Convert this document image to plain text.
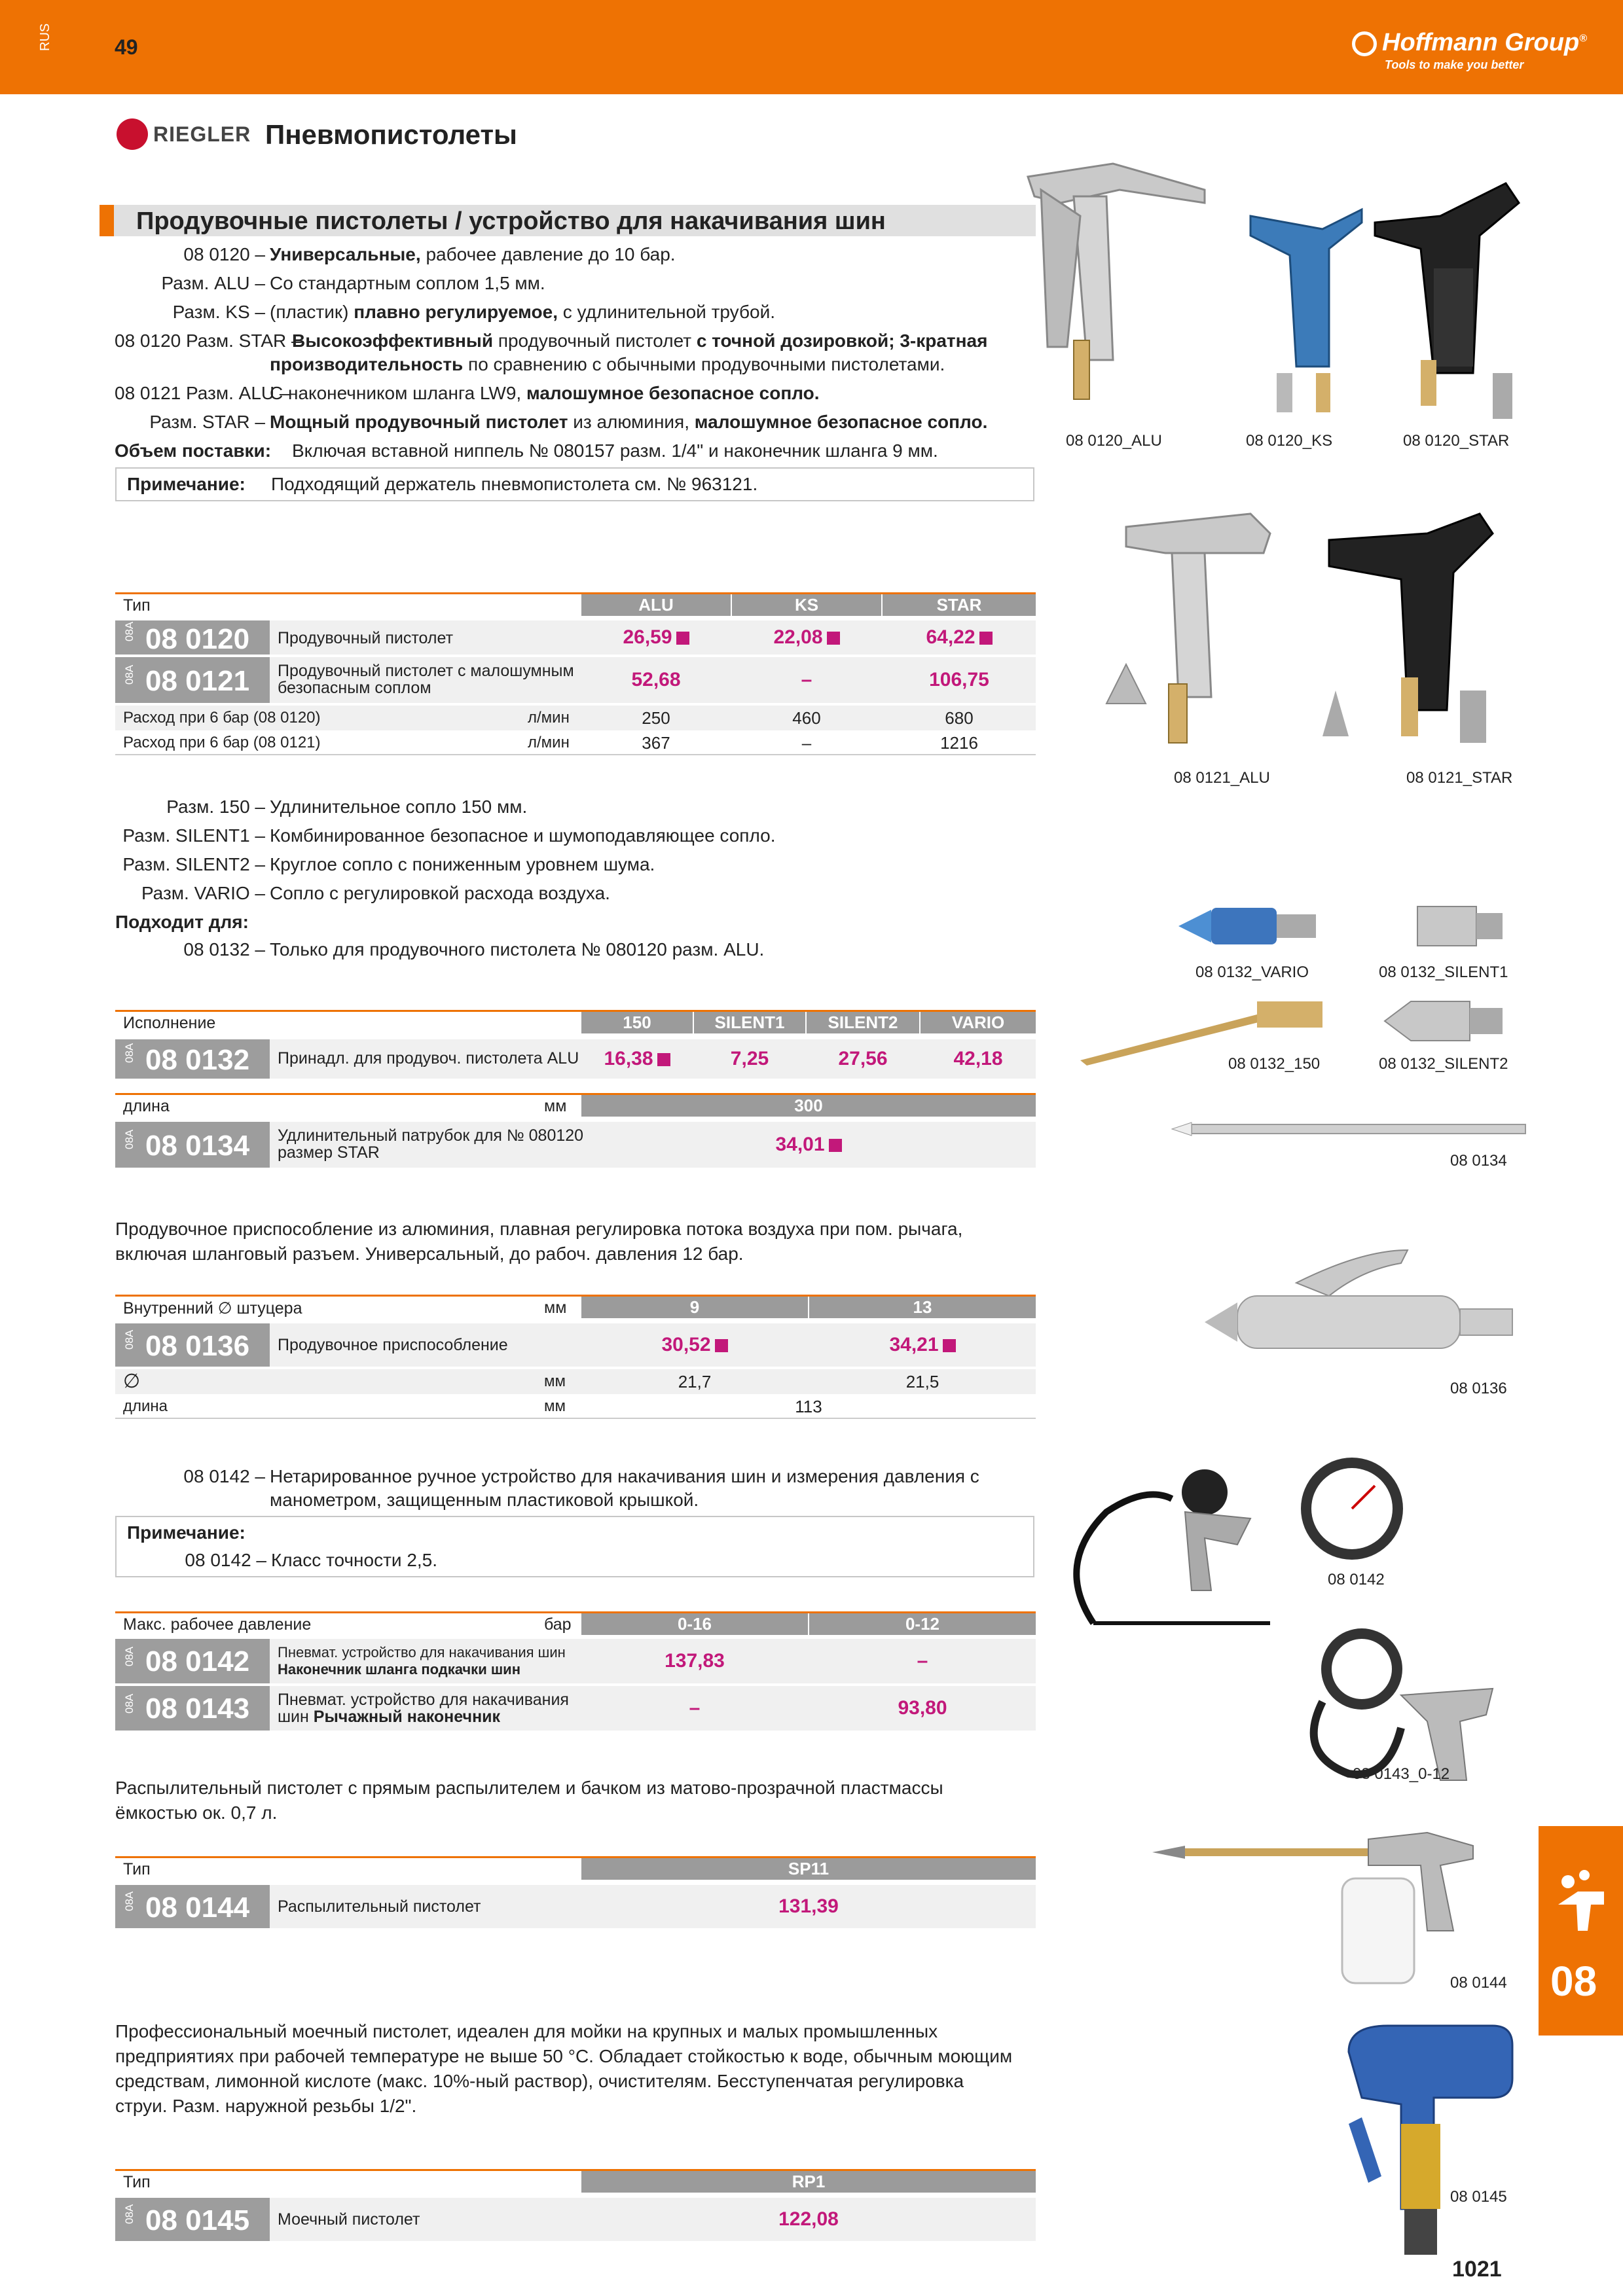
RUS	49	Hoffmann Group®
Tools to make you better
RIEGLER Пневмопистолеты
Продувочные пистолеты / устройство для накачивания шин
08 0120 – Универсальные, рабочее давление до 10 бар.
Разм. ALU – Со стандартным соплом 1,5 мм.
Разм. KS – (пластик) плавно регулируемое, с удлинительной трубой.
08 0120 Разм. STAR –
Высокоэффективный продувочный пистолет с точной дозировкой; 3-кратная
производительность по сравнению с обычными продувочными пистолетами.
08 0121 Разм. ALU –
С наконечником шланга LW9, малошумное безопасное сопло.
Разм. STAR – Мощный продувочный пистолет из алюминия, малошумное безопасное сопло.
Объем поставки: Включая вставной ниппель № 080157 разм. 1/4" и наконечник шланга 9 мм.
Примечание: Подходящий держатель пневмопистолета см. № 963121.
Тип	ALU	KS	STAR
08A 08 0120 Продувочный пистолет	26,59	22,08	64,22
08A 08 0121 Продувочный пистолет с малошумным
безопасным соплом	52,68	–	106,75
Расход при 6 бар (08 0120)	л/мин	250	460	680
Расход при 6 бар (08 0121)	л/мин	367	–	1216
Разм. 150 – Удлинительное сопло 150 мм.
Разм. SILENT1 – Комбинированное безопасное и шумоподавляющее сопло.
Разм. SILENT2 – Круглое сопло с пониженным уровнем шума.
Разм. VARIO – Сопло с регулировкой расхода воздуха.
Подходит для:
08 0132 – Только для продувочного пистолета № 080120 разм. ALU.
Исполнение	150	SILENT1	SILENT2	VARIO
08A 08 0132 Принадл. для продувоч. пистолета ALU	16,38	7,25	27,56	42,18
длина	мм	300
08A 08 0134 Удлинительный патрубок для № 080120
размер STAR	34,01
Продувочное приспособление из алюминия, плавная регулировка потока воздуха при пом. рычага,
включая шланговый разъем. Универсальный, до рабоч. давления 12 бар.
Внутренний ∅ штуцера	мм	9	13
08A 08 0136 Продувочное приспособление	30,52	34,21
∅	мм	21,7	21,5
длина	мм	113
08 0142 – Нетарированное ручное устройство для накачивания шин и измерения давления с
манометром, защищенным пластиковой крышкой.
Примечание:
08 0142 – Класс точности 2,5.
Макс. рабочее давление	бар	0-16	0-12
08A 08 0142 Пневмат. устройство для накачивания шин
Наконечник шланга подкачки шин	137,83	–
08A 08 0143 Пневмат. устройство для накачивания
шин Рычажный наконечник	–	93,80
Распылительный пистолет с прямым распылителем и бачком из матово-прозрачной пластмассы
ёмкостью ок. 0,7 л.
Тип	SP11
08A 08 0144 Распылительный пистолет	131,39
Профессиональный моечный пистолет, идеален для мойки на крупных и малых промышленных
предприятиях при рабочей температуре не выше 50 °C. Обладает стойкостью к воде, обычным моющим
средствам, лимонной кислоте (макс. 10%-ный раствор), очистителям. Бесступенчатая регулировка
струи. Разм. наружной резьбы 1/2".
Тип	RP1
08A 08 0145 Моечный пистолет	122,08
08 0120_ALU	08 0120_KS	08 0120_STAR
08 0121_ALU	08 0121_STAR
08 0132_VARIO	08 0132_SILENT1
08 0132_150	08 0132_SILENT2
08 0134
08 0136
08 0142
08 0143_0-12
08 0144
08 0145
08
1021
